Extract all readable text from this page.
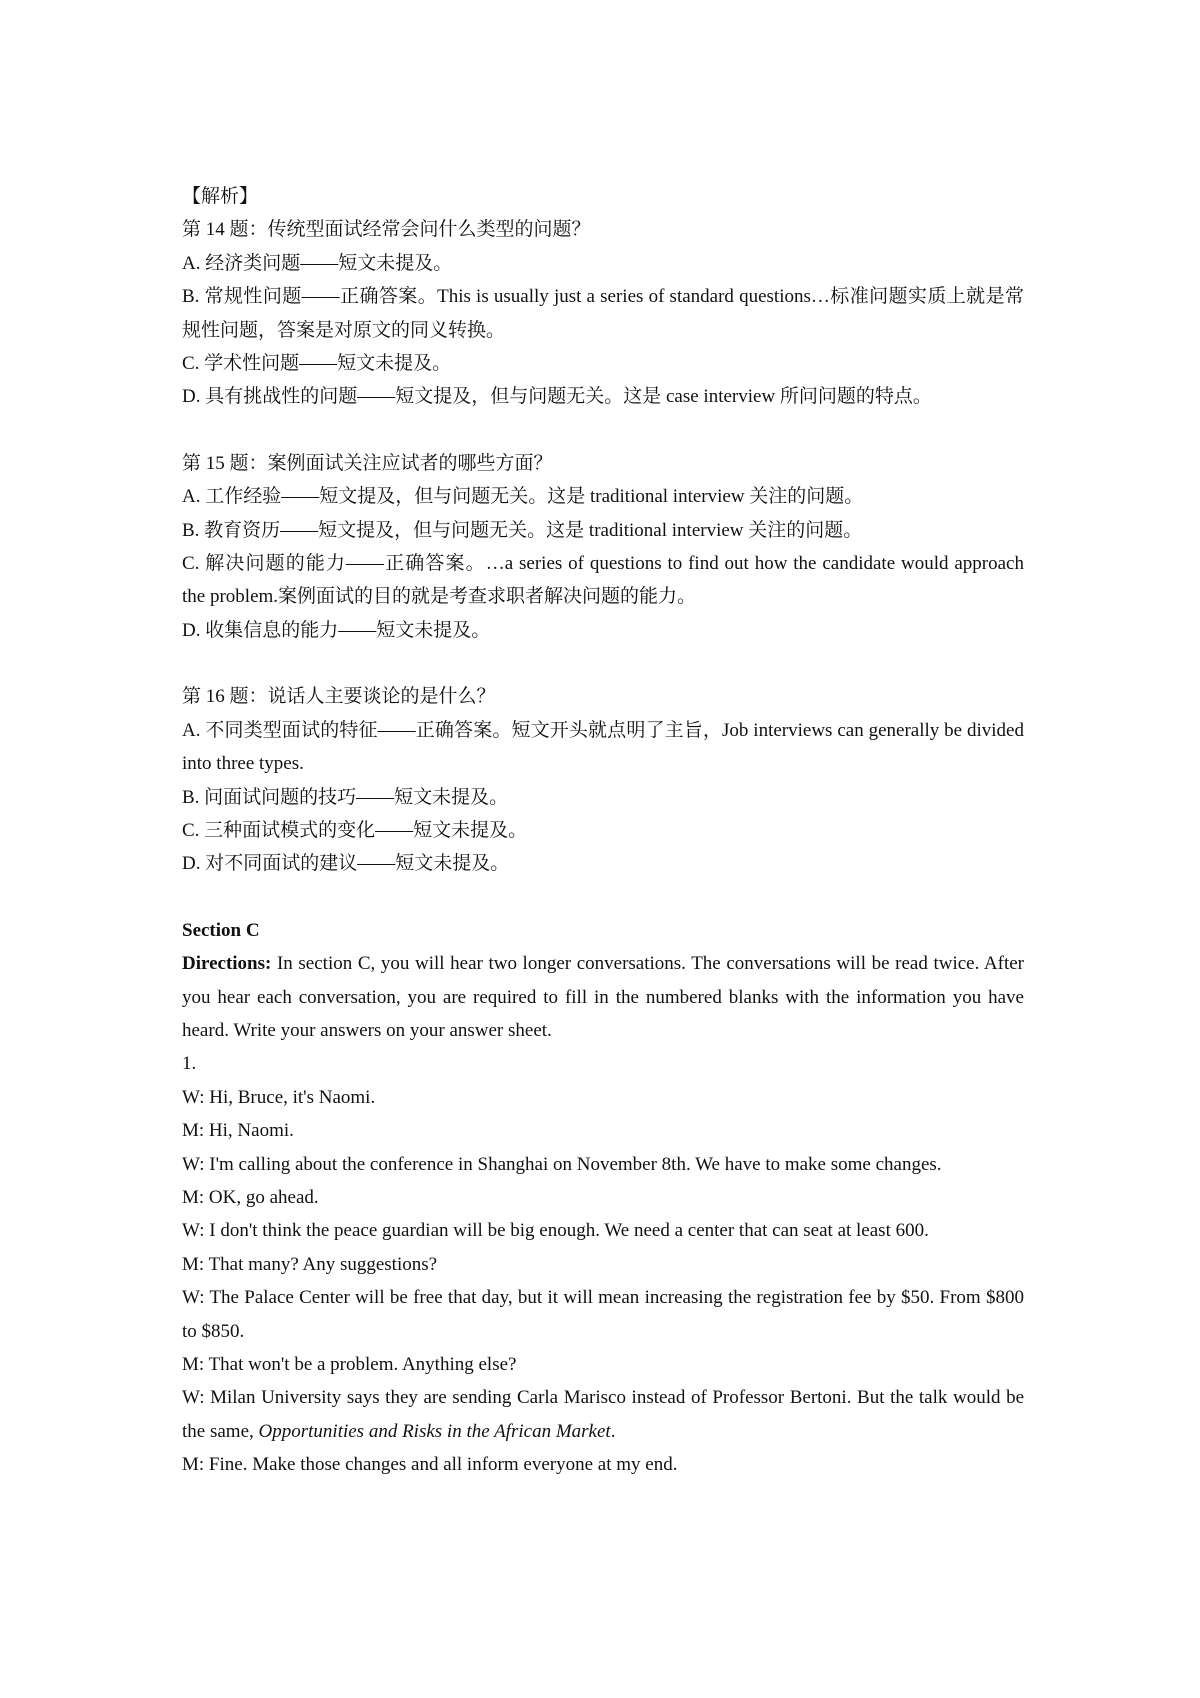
【解析】

第 14 题：传统型面试经常会问什么类型的问题？

A. 经济类问题——短文未提及。

B. 常规性问题——正确答案。This is usually just a series of standard questions…标准问题实质上就是常规性问题，答案是对原文的同义转换。

C. 学术性问题——短文未提及。

D. 具有挑战性的问题——短文提及，但与问题无关。这是 case interview 所问问题的特点。

第 15 题：案例面试关注应试者的哪些方面？

A. 工作经验——短文提及，但与问题无关。这是 traditional interview 关注的问题。

B. 教育资历——短文提及，但与问题无关。这是 traditional interview 关注的问题。

C. 解决问题的能力——正确答案。…a series of questions to find out how the candidate would approach the problem.案例面试的目的就是考查求职者解决问题的能力。

D. 收集信息的能力——短文未提及。

第 16 题：说话人主要谈论的是什么？

A. 不同类型面试的特征——正确答案。短文开头就点明了主旨，Job interviews can generally be divided into three types.

B. 问面试问题的技巧——短文未提及。

C. 三种面试模式的变化——短文未提及。

D. 对不同面试的建议——短文未提及。

Section C

Directions: In section C, you will hear two longer conversations. The conversations will be read twice. After you hear each conversation, you are required to fill in the numbered blanks with the information you have heard. Write your answers on your answer sheet.

1.

W: Hi, Bruce, it's Naomi.

M: Hi, Naomi.

W: I'm calling about the conference in Shanghai on November 8th. We have to make some changes.

M: OK, go ahead.

W: I don't think the peace guardian will be big enough. We need a center that can seat at least 600.

M: That many? Any suggestions?

W: The Palace Center will be free that day, but it will mean increasing the registration fee by $50. From $800 to $850.

M: That won't be a problem. Anything else?

W: Milan University says they are sending Carla Marisco instead of Professor Bertoni. But the talk would be the same, Opportunities and Risks in the African Market.

M: Fine. Make those changes and all inform everyone at my end.
